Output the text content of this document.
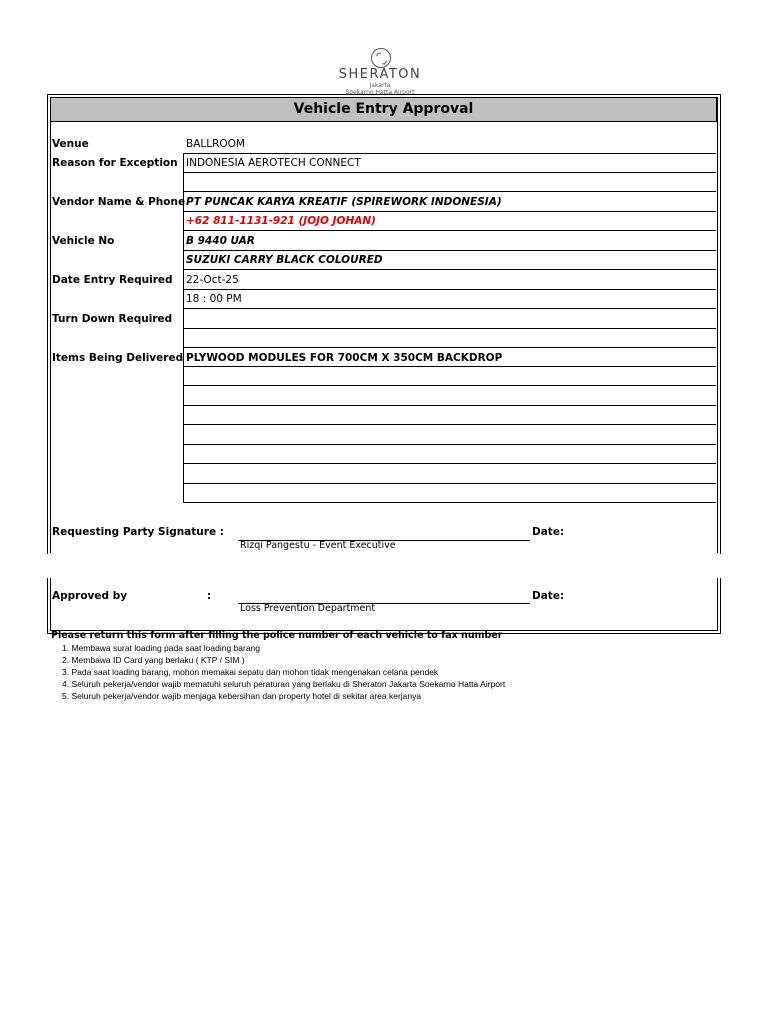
SHERATON
Jakarta
Soekarno Hatta Airport
Vehicle Entry Approval
Venue
Reason for Exception
Vendor Name & Phone
Vehicle No
Date Entry Required
Turn Down Required
Items Being Delivered
BALLROOM
INDONESIA AEROTECH CONNECT
PT PUNCAK KARYA KREATIF (SPIREWORK INDONESIA)
+62 811-1131-921 (JOJO JOHAN)
B 9440 UAR
SUZUKI CARRY BLACK COLOURED
22-Oct-25
18 : 00 PM
PLYWOOD MODULES FOR 700CM X 350CM BACKDROP
Requesting Party Signature :
Rizqi Pangestu - Event Executive
Date:
Approved by	:
Loss Prevention Department
Date:
Please return this form after filling the police number of each vehicle to fax number
1. Membawa surat loading pada saat loading barang
2. Membawa ID Card yang berlaku ( KTP / SIM )
3. Pada saat loading barang, mohon memakai sepatu dan mohon tidak mengenakan celana pendek
4. Seluruh pekerja/vendor wajib mematuhi seluruh peraturan yang berlaku di Sheraton Jakarta Soekarno Hatta Airport
5. Seluruh pekerja/vendor wajib menjaga kebersihan dan property hotel di sekitar area kerjanya
